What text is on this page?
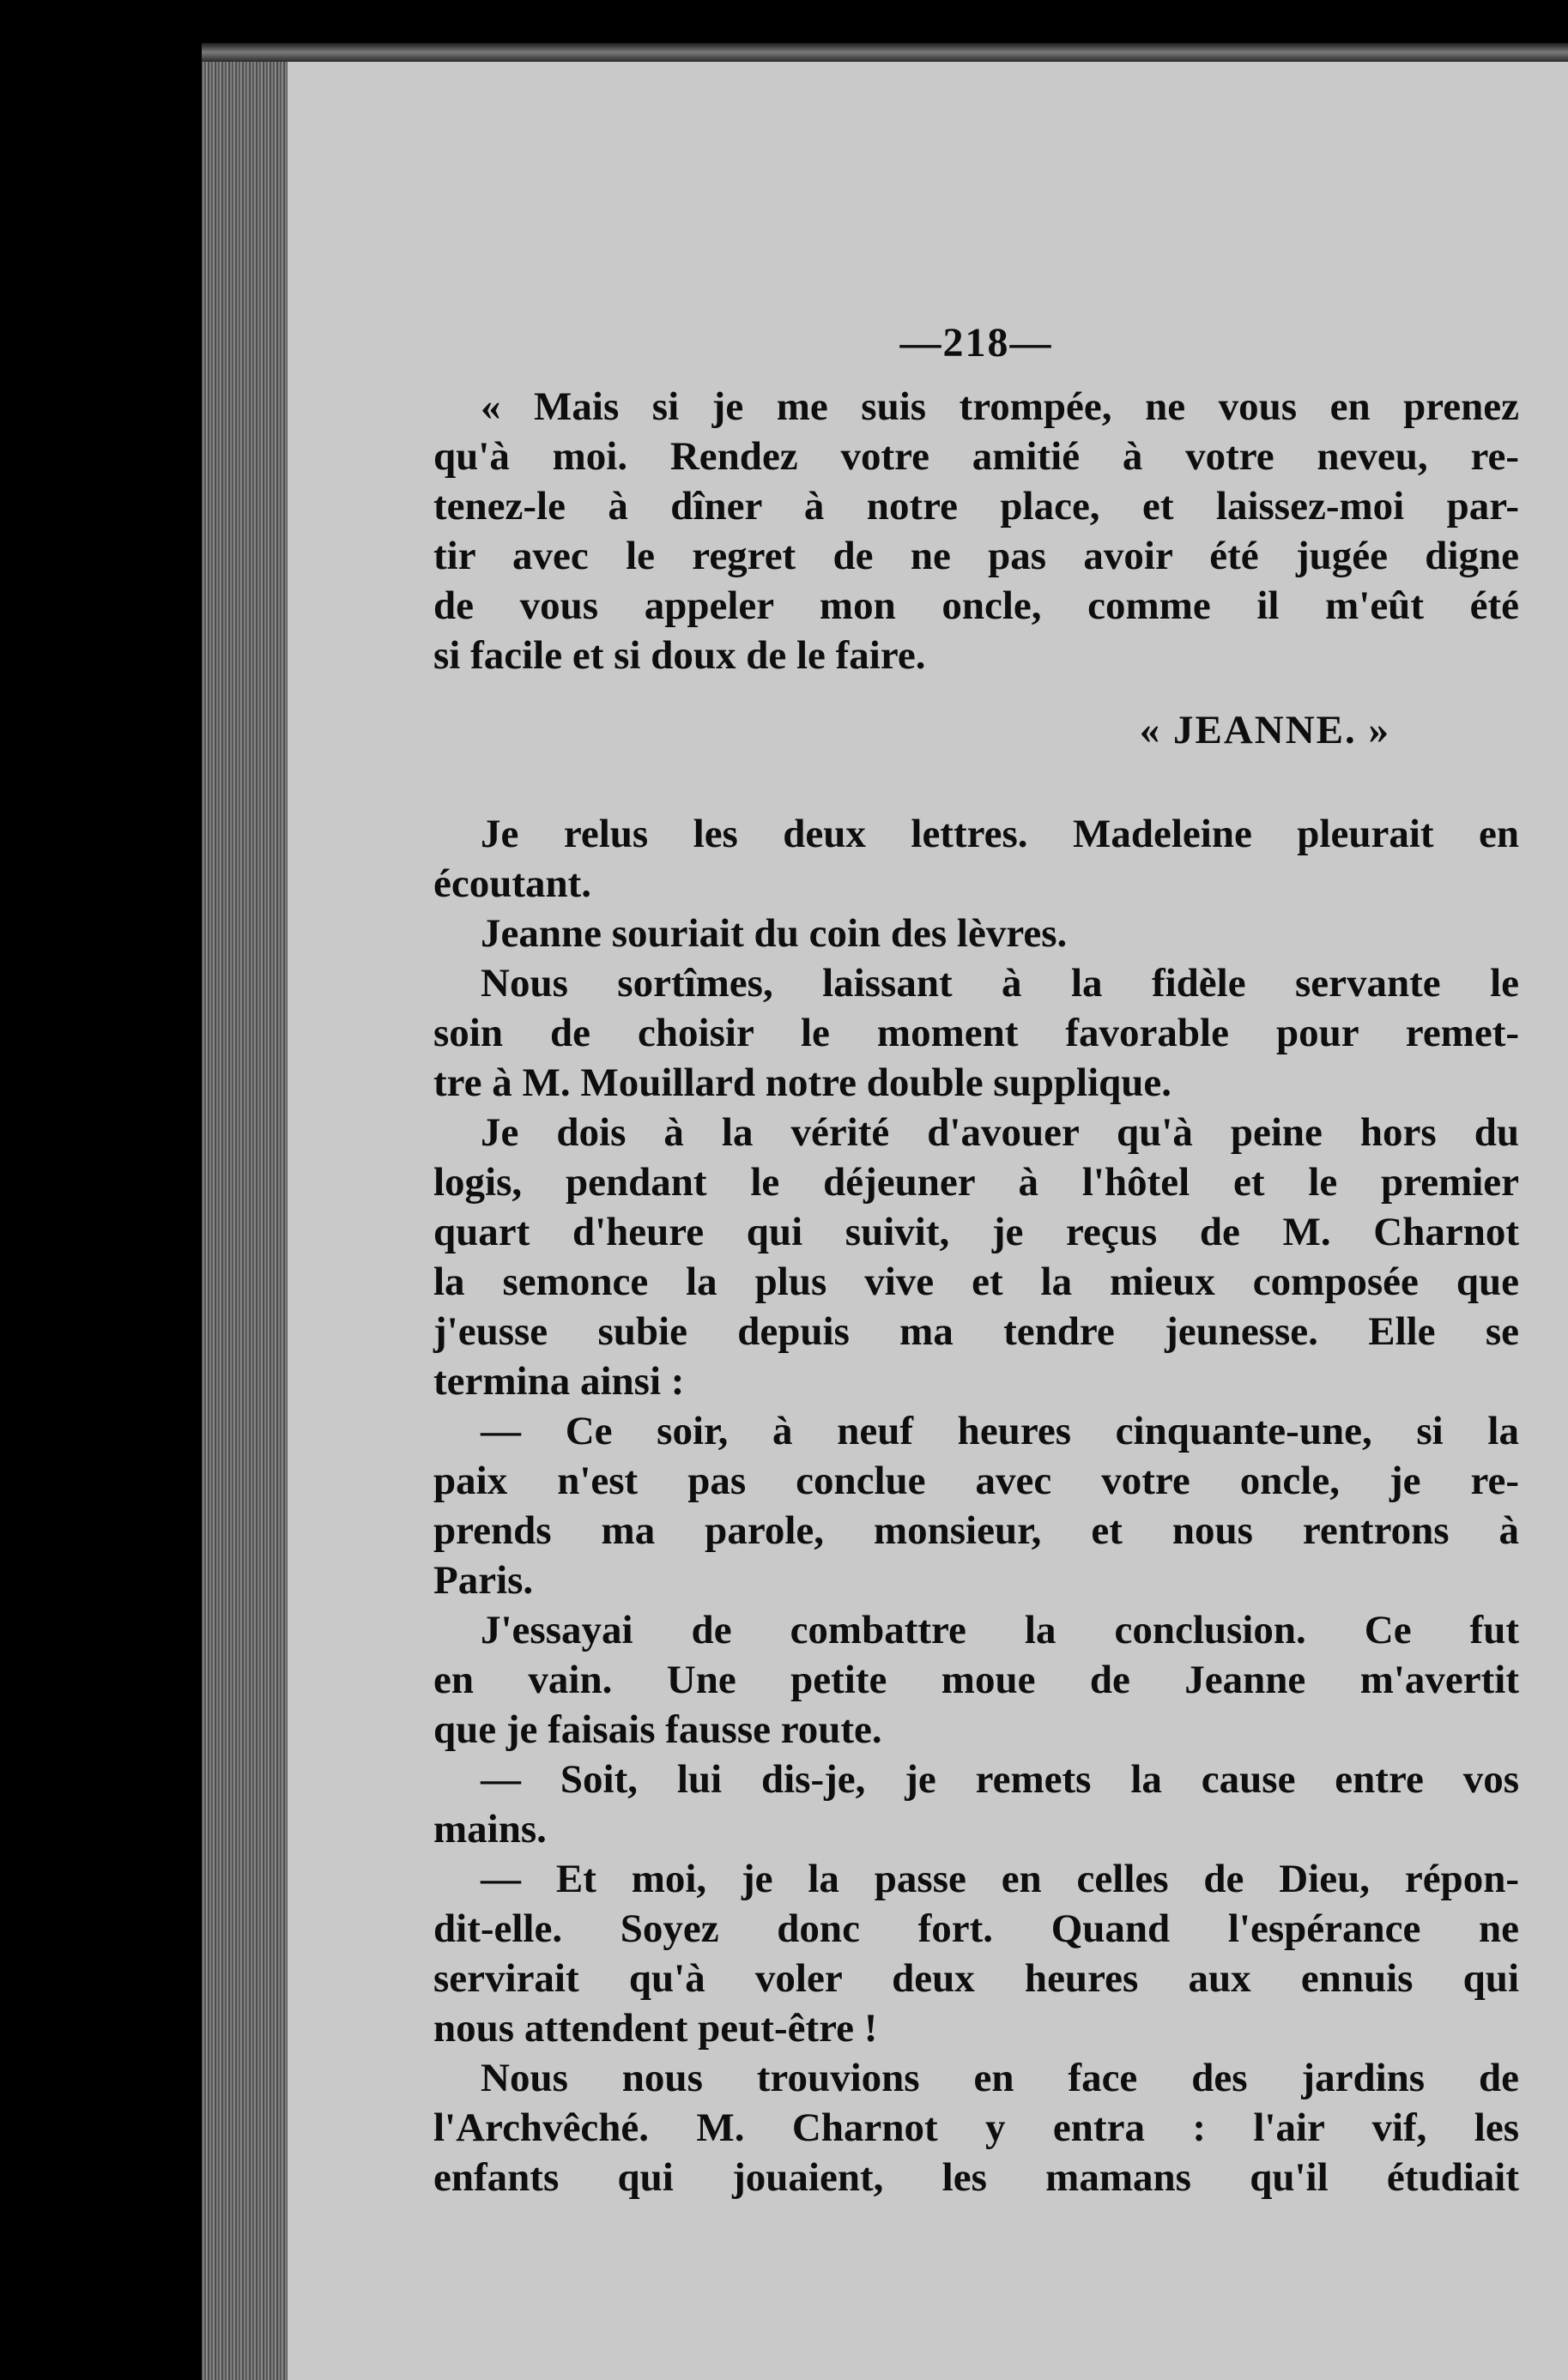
—218—
« Mais si je me suis trompée, ne vous en prenez
qu'à moi. Rendez votre amitié à votre neveu, re-
tenez-le à dîner à notre place, et laissez-moi par-
tir avec le regret de ne pas avoir été jugée digne
de vous appeler mon oncle, comme il m'eût été
si facile et si doux de le faire.
« JEANNE. »
Je relus les deux lettres. Madeleine pleurait en
écoutant.
Jeanne souriait du coin des lèvres.
Nous sortîmes, laissant à la fidèle servante le
soin de choisir le moment favorable pour remet-
tre à M. Mouillard notre double supplique.
Je dois à la vérité d'avouer qu'à peine hors du
logis, pendant le déjeuner à l'hôtel et le premier
quart d'heure qui suivit, je reçus de M. Charnot
la semonce la plus vive et la mieux composée que
j'eusse subie depuis ma tendre jeunesse. Elle se
termina ainsi :
— Ce soir, à neuf heures cinquante-une, si la
paix n'est pas conclue avec votre oncle, je re-
prends ma parole, monsieur, et nous rentrons à
Paris.
J'essayai de combattre la conclusion. Ce fut
en vain. Une petite moue de Jeanne m'avertit
que je faisais fausse route.
— Soit, lui dis-je, je remets la cause entre vos
mains.
— Et moi, je la passe en celles de Dieu, répon-
dit-elle. Soyez donc fort. Quand l'espérance ne
servirait qu'à voler deux heures aux ennuis qui
nous attendent peut-être !
Nous nous trouvions en face des jardins de
l'Archvêché. M. Charnot y entra : l'air vif, les
enfants qui jouaient, les mamans qu'il étudiait
